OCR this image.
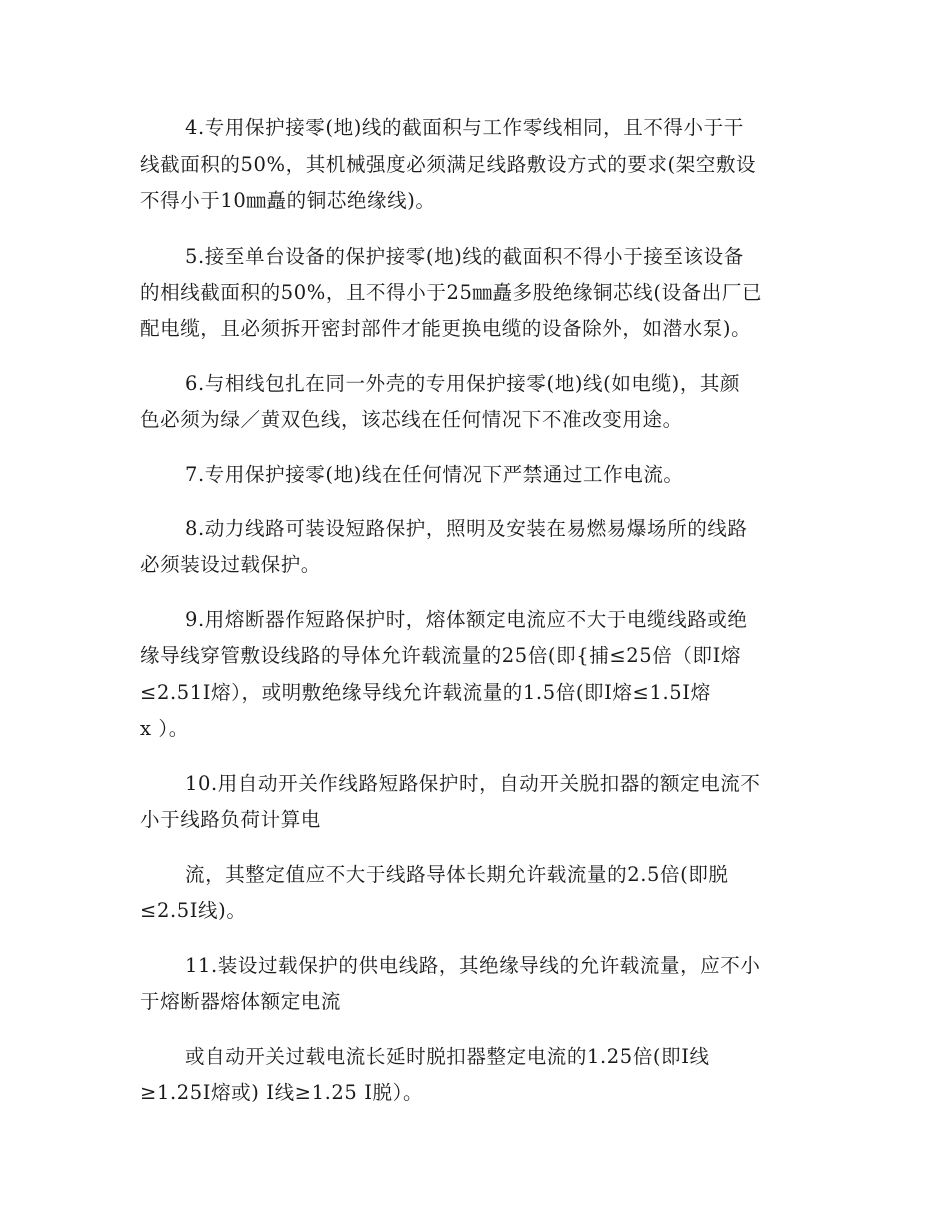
4.专用保护接零(地)线的截面积与工作零线相同，且不得小于干
线截面积的50%，其机械强度必须满足线路敷设方式的要求(架空敷设
不得小于10㎜矗的铜芯绝缘线)。
5.接至单台设备的保护接零(地)线的截面积不得小于接至该设备
的相线截面积的50%，且不得小于25㎜矗多股绝缘铜芯线(设备出厂已
配电缆，且必须拆开密封部件才能更换电缆的设备除外，如潜水泵)。
6.与相线包扎在同一外壳的专用保护接零(地)线(如电缆)，其颜
色必须为绿／黄双色线，该芯线在任何情况下不准改变用途。
7.专用保护接零(地)线在任何情况下严禁通过工作电流。
8.动力线路可装设短路保护，照明及安装在易燃易爆场所的线路
必须装设过载保护。
9.用熔断器作短路保护时，熔体额定电流应不大于电缆线路或绝
缘导线穿管敷设线路的导体允许载流量的25倍(即{捕≤25倍（即Ⅰ熔
≤2.51I熔），或明敷绝缘导线允许载流量的1.5倍(即Ⅰ熔≤1.5I熔
x ）。
10.用自动开关作线路短路保护时，自动开关脱扣器的额定电流不
小于线路负荷计算电
流，其整定值应不大于线路导体长期允许载流量的2.5倍(即脱
≤2.5I线)。
11.装设过载保护的供电线路，其绝缘导线的允许载流量，应不小
于熔断器熔体额定电流
或自动开关过载电流长延时脱扣器整定电流的1.25倍(即Ⅰ线
≥1.25I熔或) Ⅰ线≥1.25 Ⅰ脱）。
